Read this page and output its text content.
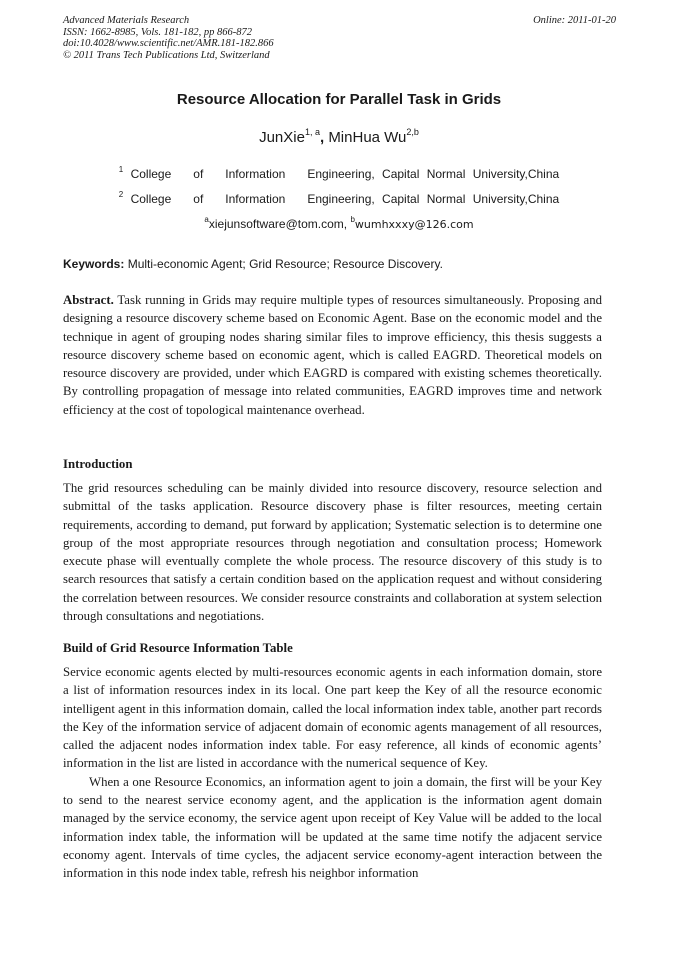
Advanced Materials Research
ISSN: 1662-8985, Vols. 181-182, pp 866-872
doi:10.4028/www.scientific.net/AMR.181-182.866
© 2011 Trans Tech Publications Ltd, Switzerland
Online: 2011-01-20
Resource Allocation for Parallel Task in Grids
JunXie$^{1, a}$, MinHua Wu$^{2,b}$
$^1$ College   of   Information   Engineering, Capital Normal University,China
$^2$ College   of   Information   Engineering, Capital Normal University,China
$^a$xiejunsoftware@tom.com, $^b$wumhxxxy@126.com
Keywords: Multi-economic Agent; Grid Resource; Resource Discovery.
Abstract. Task running in Grids may require multiple types of resources simultaneously. Proposing and designing a resource discovery scheme based on Economic Agent. Base on the economic model and the technique in agent of grouping nodes sharing similar files to improve efficiency, this thesis suggests a resource discovery scheme based on economic agent, which is called EAGRD. Theoretical models on resource discovery are provided, under which EAGRD is compared with existing schemes theoretically. By controlling propagation of message into related communities, EAGRD improves time and network efficiency at the cost of topological maintenance overhead.
Introduction
The grid resources scheduling can be mainly divided into resource discovery, resource selection and submittal of the tasks application. Resource discovery phase is filter resources, meeting certain requirements, according to demand, put forward by application; Systematic selection is to determine one group of the most appropriate resources through negotiation and consultation process; Homework execute phase will eventually complete the whole process. The resource discovery of this study is to search resources that satisfy a certain condition based on the application request and without considering the correlation between resources. We consider resource constraints and collaboration at system selection through consultations and negotiations.
Build of Grid Resource Information Table

Service economic agents elected by multi-resources economic agents in each information domain, store a list of information resources index in its local. One part keep the Key of all the resource economic intelligent agent in this information domain, called the local information index table, another part records the Key of the information service of adjacent domain of economic agents management of all resources, called the adjacent nodes information index table. For easy reference, all kinds of economic agents’ information in the list are listed in accordance with the numerical sequence of Key.

When a one Resource Economics, an information agent to join a domain, the first will be your Key to send to the nearest service economy agent, and the application is the information agent domain managed by the service economy, the service agent upon receipt of Key Value will be added to the local information index table, the information will be updated at the same time notify the adjacent service economy agent. Intervals of time cycles, the adjacent service economy-agent interaction between the information in this node index table, refresh his neighbor information
